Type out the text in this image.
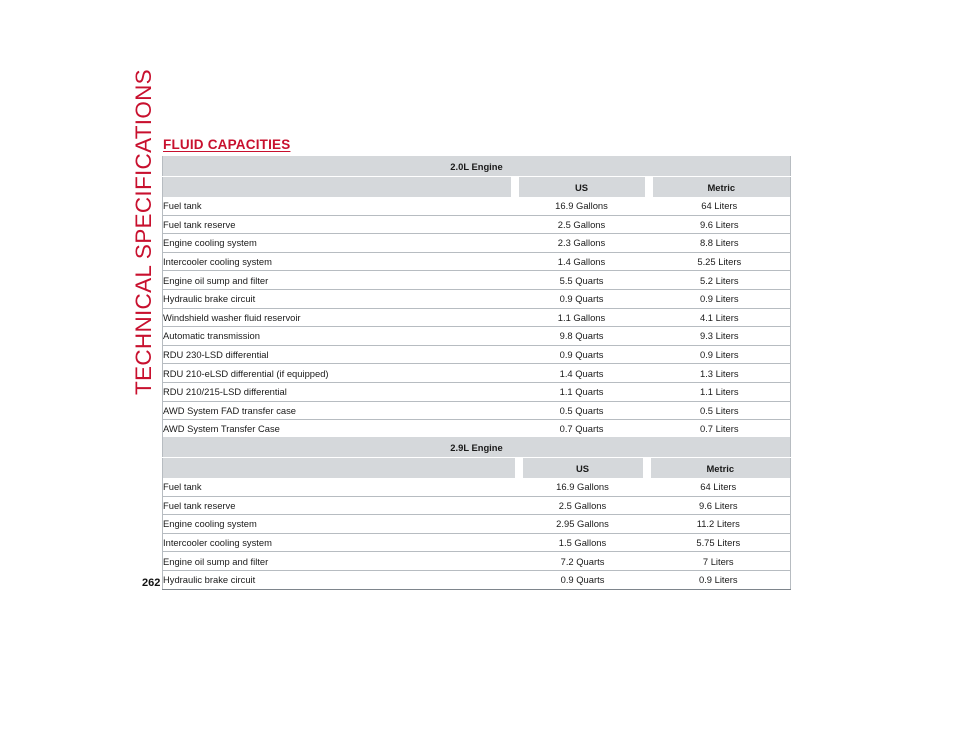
TECHNICAL SPECIFICATIONS
262
FLUID CAPACITIES
2.0L Engine		
	US	Metric
Fuel tank	16.9 Gallons	64 Liters
Fuel tank reserve	2.5 Gallons	9.6 Liters
Engine cooling system	2.3 Gallons	8.8 Liters
Intercooler cooling system	1.4 Gallons	5.25 Liters
Engine oil sump and filter	5.5 Quarts	5.2 Liters
Hydraulic brake circuit	0.9 Quarts	0.9 Liters
Windshield washer fluid reservoir	1.1 Gallons	4.1 Liters
Automatic transmission	9.8 Quarts	9.3 Liters
RDU 230-LSD differential	0.9 Quarts	0.9 Liters
RDU 210-eLSD differential (if equipped)	1.4 Quarts	1.3 Liters
RDU 210/215-LSD differential	1.1 Quarts	1.1 Liters
AWD System FAD transfer case	0.5 Quarts	0.5 Liters
AWD System Transfer Case	0.7 Quarts	0.7 Liters
2.9L Engine		
	US	Metric
Fuel tank	16.9 Gallons	64 Liters
Fuel tank reserve	2.5 Gallons	9.6 Liters
Engine cooling system	2.95 Gallons	11.2 Liters
Intercooler cooling system	1.5 Gallons	5.75 Liters
Engine oil sump and filter	7.2 Quarts	7 Liters
Hydraulic brake circuit	0.9 Quarts	0.9 Liters
